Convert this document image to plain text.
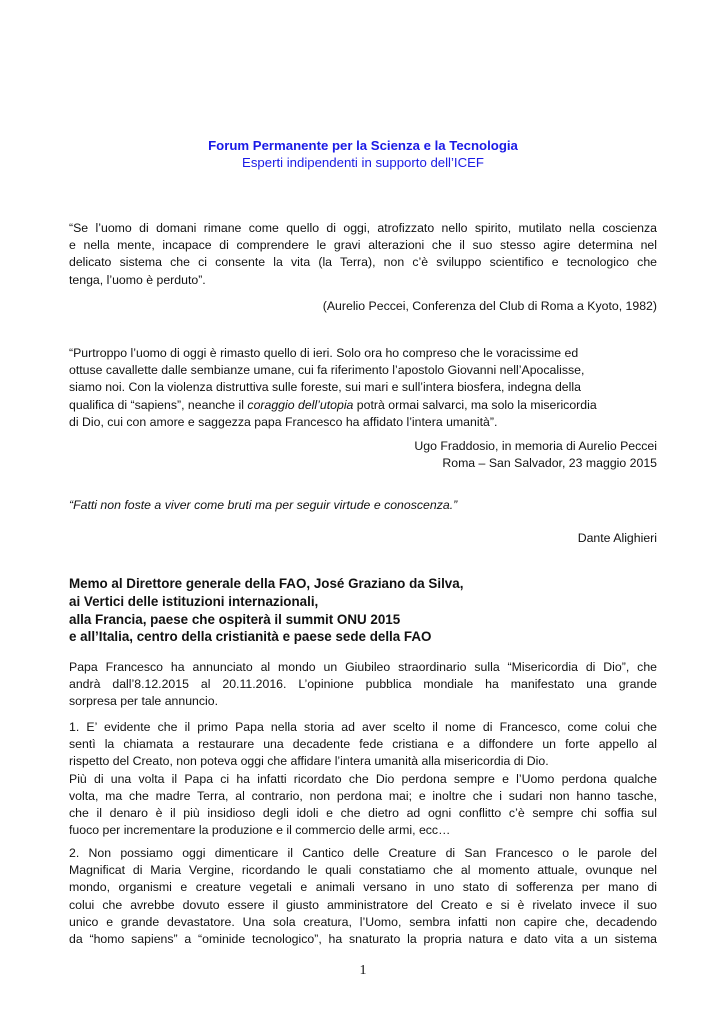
Forum Permanente per la Scienza e la Tecnologia
Esperti indipendenti in supporto dell’ICEF
“Se l’uomo di domani rimane come quello di oggi, atrofizzato nello spirito, mutilato nella coscienza
e nella mente, incapace di comprendere le gravi alterazioni che il suo stesso agire determina nel
delicato sistema che ci consente la vita (la Terra), non c’è sviluppo scientifico e tecnologico che
tenga, l’uomo è perduto”.
(Aurelio Peccei, Conferenza del Club di Roma a Kyoto, 1982)
“Purtroppo l’uomo di oggi è rimasto quello di ieri. Solo ora ho compreso che le voracissime ed
ottuse cavallette dalle sembianze umane, cui fa riferimento l’apostolo Giovanni nell’Apocalisse,
siamo noi. Con la violenza distruttiva sulle foreste, sui mari e sull’intera biosfera, indegna della
qualifica di “sapiens”, neanche il coraggio dell’utopia potrà ormai salvarci, ma solo la misericordia
di Dio, cui con amore e saggezza papa Francesco ha affidato l’intera umanità”.
Ugo Fraddosio, in memoria di Aurelio Peccei
Roma – San Salvador, 23 maggio 2015
“Fatti non foste a viver come bruti ma per seguir virtude e conoscenza.”
Dante Alighieri
Memo al Direttore generale della FAO, José Graziano da Silva,
ai Vertici delle istituzioni internazionali,
alla Francia, paese che ospiterà il summit ONU 2015
e all’Italia, centro della cristianità e paese sede della FAO
Papa Francesco ha annunciato al mondo un Giubileo straordinario sulla “Misericordia di Dio”, che
andrà dall’8.12.2015 al 20.11.2016. L’opinione pubblica mondiale ha manifestato una grande
sorpresa per tale annuncio.
1. E’ evidente che il primo Papa nella storia ad aver scelto il nome di Francesco, come colui che
sentì la chiamata a restaurare una decadente fede cristiana e a diffondere un forte appello al
rispetto del Creato, non poteva oggi che affidare l’intera umanità alla misericordia di Dio.
Più di una volta il Papa ci ha infatti ricordato che Dio perdona sempre e l’Uomo perdona qualche
volta, ma che madre Terra, al contrario, non perdona mai; e inoltre che i sudari non hanno tasche,
che il denaro è il più insidioso degli idoli e che dietro ad ogni conflitto c’è sempre chi soffia sul
fuoco per incrementare la produzione e il commercio delle armi, ecc…
2. Non possiamo oggi dimenticare il Cantico delle Creature di San Francesco o le parole del
Magnificat di Maria Vergine, ricordando le quali constatiamo che al momento attuale, ovunque nel
mondo, organismi e creature vegetali e animali versano in uno stato di sofferenza per mano di
colui che avrebbe dovuto essere il giusto amministratore del Creato e si è rivelato invece il suo
unico e grande devastatore. Una sola creatura, l’Uomo, sembra infatti non capire che, decadendo
da “homo sapiens” a “ominide tecnologico”, ha snaturato la propria natura e dato vita a un sistema
1
